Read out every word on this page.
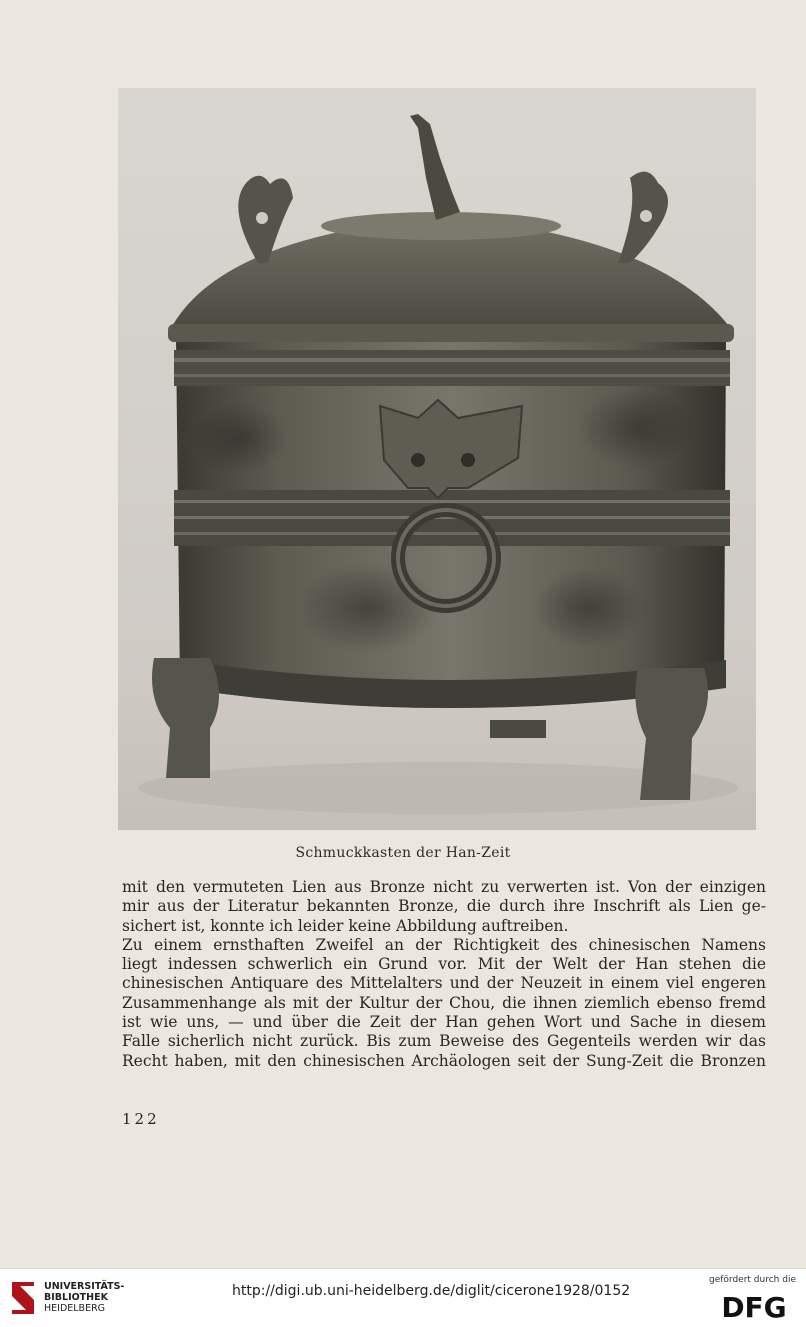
Schmuckkasten der Han-Zeit
mit den vermuteten Lien aus Bronze nicht zu verwerten ist. Von der einzigen
mir aus der Literatur bekannten Bronze, die durch ihre Inschrift als Lien ge-
sichert ist, konnte ich leider keine Abbildung auftreiben.
Zu einem ernsthaften Zweifel an der Richtigkeit des chinesischen Namens
liegt indessen schwerlich ein Grund vor. Mit der Welt der Han stehen die
chinesischen Antiquare des Mittelalters und der Neuzeit in einem viel engeren
Zusammenhange als mit der Kultur der Chou, die ihnen ziemlich ebenso fremd
ist wie uns, — und über die Zeit der Han gehen Wort und Sache in diesem
Falle sicherlich nicht zurück. Bis zum Beweise des Gegenteils werden wir das
Recht haben, mit den chinesischen Archäologen seit der Sung-Zeit die Bronzen
122
UNIVERSITÄTS-
BIBLIOTHEK
HEIDELBERG
http://digi.ub.uni-heidelberg.de/diglit/cicerone1928/0152
gefördert durch die
DFG
